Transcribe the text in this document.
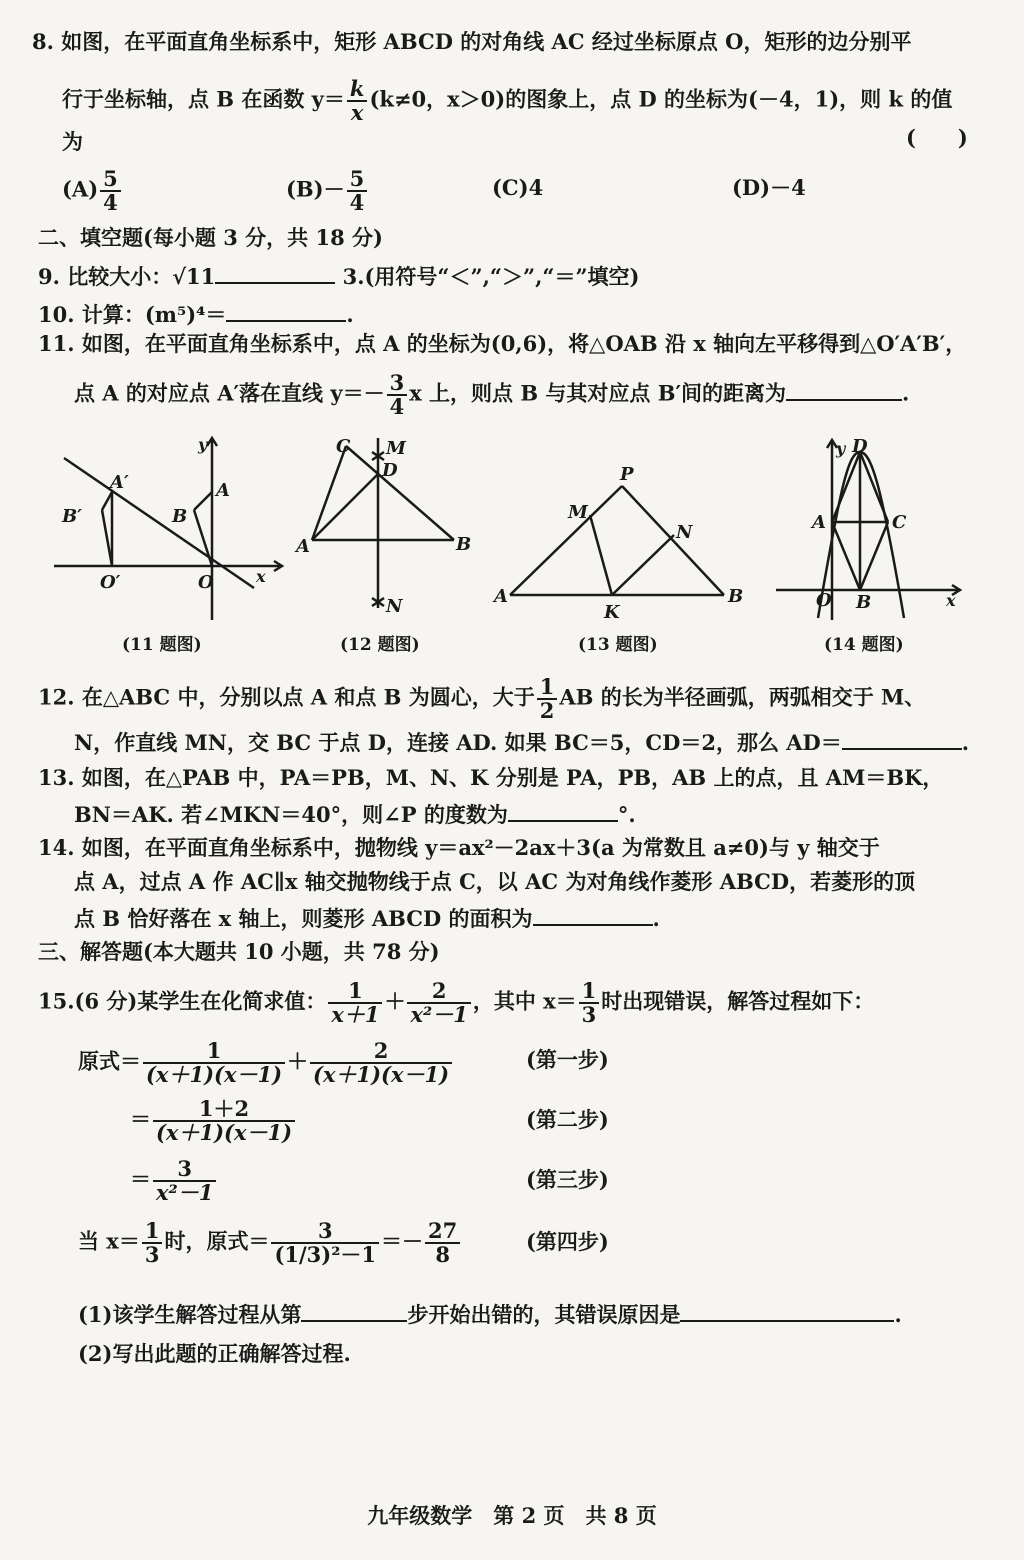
8. 如图，在平面直角坐标系中，矩形 ABCD 的对角线 AC 经过坐标原点 O，矩形的边分别平
行于坐标轴，点 B 在函数 $y= \frac{k}{x} (k\ne 0$，x＞0)的图象上，点 D 的坐标为(－4，1)，则 k 的值
为	(　　)
$(A) \frac{5}{4}$	$(B)- \frac{5}{4}$	(C)4	(D)－4
二、填空题(每小题 3 分，共 18 分)
9. 比较大小：√11	3.(用符号“＜”,“＞”,“＝”填空)
10. 计算：(m⁵)⁴＝	.
11. 如图，在平面直角坐标系中，点 A 的坐标为(0,6)，将△OAB 沿 x 轴向左平移得到△O′A′B′，
点 A 的对应点 A′落在直线 $y=- \frac{3}{4}$ x 上，则点 B 与其对应点 B′间的距离为	.
A′
B′
O′	O
A
B
x
y	C M
D
A	B
N
P
M
N
A
K
B
y D
A	C
O B	x
(11 题图)	(12 题图)	(13 题图)	(14 题图)
12. 在△ABC 中，分别以点 A 和点 B 为圆心，大于 $\frac{1}{2}$ AB 的长为半径画弧，两弧相交于 M、
N，作直线 MN，交 BC 于点 D，连接 AD. 如果 BC＝5，CD＝2，那么 AD＝	.
13. 如图，在△PAB 中，PA＝PB，M、N、K 分别是 PA，PB，AB 上的点，且 AM＝BK，
BN＝AK. 若∠MKN＝40°，则∠P 的度数为	°.
14. 如图，在平面直角坐标系中，抛物线 y＝ax²－2ax＋3(a 为常数且 a≠0)与 y 轴交于
点 A，过点 A 作 AC∥x 轴交抛物线于点 C，以 AC 为对角线作菱形 ABCD，若菱形的顶
点 B 恰好落在 x 轴上，则菱形 ABCD 的面积为	.
三、解答题(本大题共 10 小题，共 78 分)
15.(6 分)某学生在化简求值： $\frac{1}{x+1} + \frac{2}{\text{x²－1}}$ ，其中 $x= \frac{1}{3}$ 时出现错误，解答过程如下：
原式＝ $\frac{1}{(x+1)(x-1)} + \frac{2}{(x+1)(x-1)}$	(第一步)
＝ $\frac{1+2}{(x+1)(x-1)}$	(第二步)
＝ $\frac{3}{\text{x²－1}}$	(第三步)
当 $x= \frac{1}{3}$ 时，原式＝ $\frac{3}{\text{(1/3)²－1}} =- \frac{27}{8}$	(第四步)
(1)该学生解答过程从第	步开始出错的，其错误原因是	.
(2)写出此题的正确解答过程.
九年级数学　第 2 页　共 8 页
